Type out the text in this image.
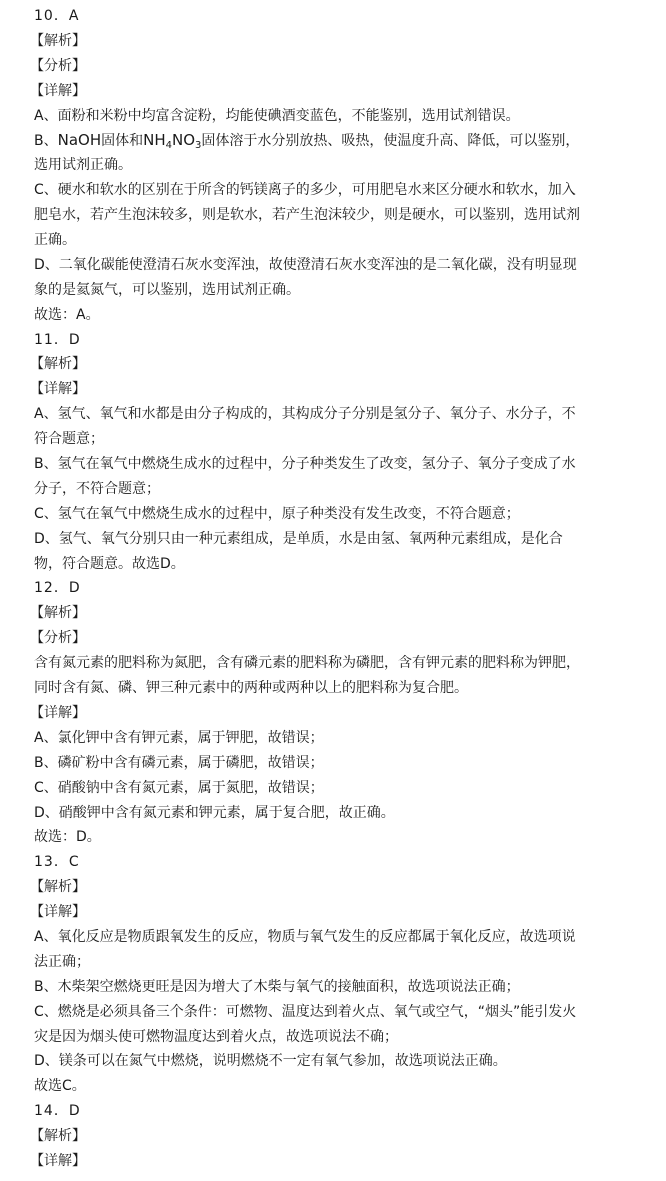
10．A
【解析】
【分析】
【详解】
A、面粉和米粉中均富含淀粉，均能使碘酒变蓝色，不能鉴别，选用试剂错误。
B、NaOH固体和$NH_4NO_3$固体溶于水分别放热、吸热，使温度升高、降低，可以鉴别，
选用试剂正确。
C、硬水和软水的区别在于所含的钙镁离子的多少，可用肥皂水来区分硬水和软水，加入
肥皂水，若产生泡沫较多，则是软水，若产生泡沫较少，则是硬水，可以鉴别，选用试剂
正确。
D、二氧化碳能使澄清石灰水变浑浊，故使澄清石灰水变浑浊的是二氧化碳，没有明显现
象的是氦氮气，可以鉴别，选用试剂正确。
故选：A。
11．D
【解析】
【详解】
A、氢气、氧气和水都是由分子构成的，其构成分子分别是氢分子、氧分子、水分子，不
符合题意；
B、氢气在氧气中燃烧生成水的过程中，分子种类发生了改变，氢分子、氧分子变成了水
分子，不符合题意；
C、氢气在氧气中燃烧生成水的过程中，原子种类没有发生改变，不符合题意；
D、氢气、氧气分别只由一种元素组成，是单质，水是由氢、氧两种元素组成，是化合
物，符合题意。故选D。
12．D
【解析】
【分析】
含有氮元素的肥料称为氮肥，含有磷元素的肥料称为磷肥，含有钾元素的肥料称为钾肥，
同时含有氮、磷、钾三种元素中的两种或两种以上的肥料称为复合肥。
【详解】
A、氯化钾中含有钾元素，属于钾肥，故错误；
B、磷矿粉中含有磷元素，属于磷肥，故错误；
C、硝酸钠中含有氮元素，属于氮肥，故错误；
D、硝酸钾中含有氮元素和钾元素，属于复合肥，故正确。
故选：D。
13．C
【解析】
【详解】
A、氧化反应是物质跟氧发生的反应，物质与氧气发生的反应都属于氧化反应，故选项说
法正确；
B、木柴架空燃烧更旺是因为增大了木柴与氧气的接触面积，故选项说法正确；
C、燃烧是必须具备三个条件：可燃物、温度达到着火点、氧气或空气，“烟头”能引发火
灾是因为烟头使可燃物温度达到着火点，故选项说法不确；
D、镁条可以在氮气中燃烧，说明燃烧不一定有氧气参加，故选项说法正确。
故选C。
14．D
【解析】
【详解】
